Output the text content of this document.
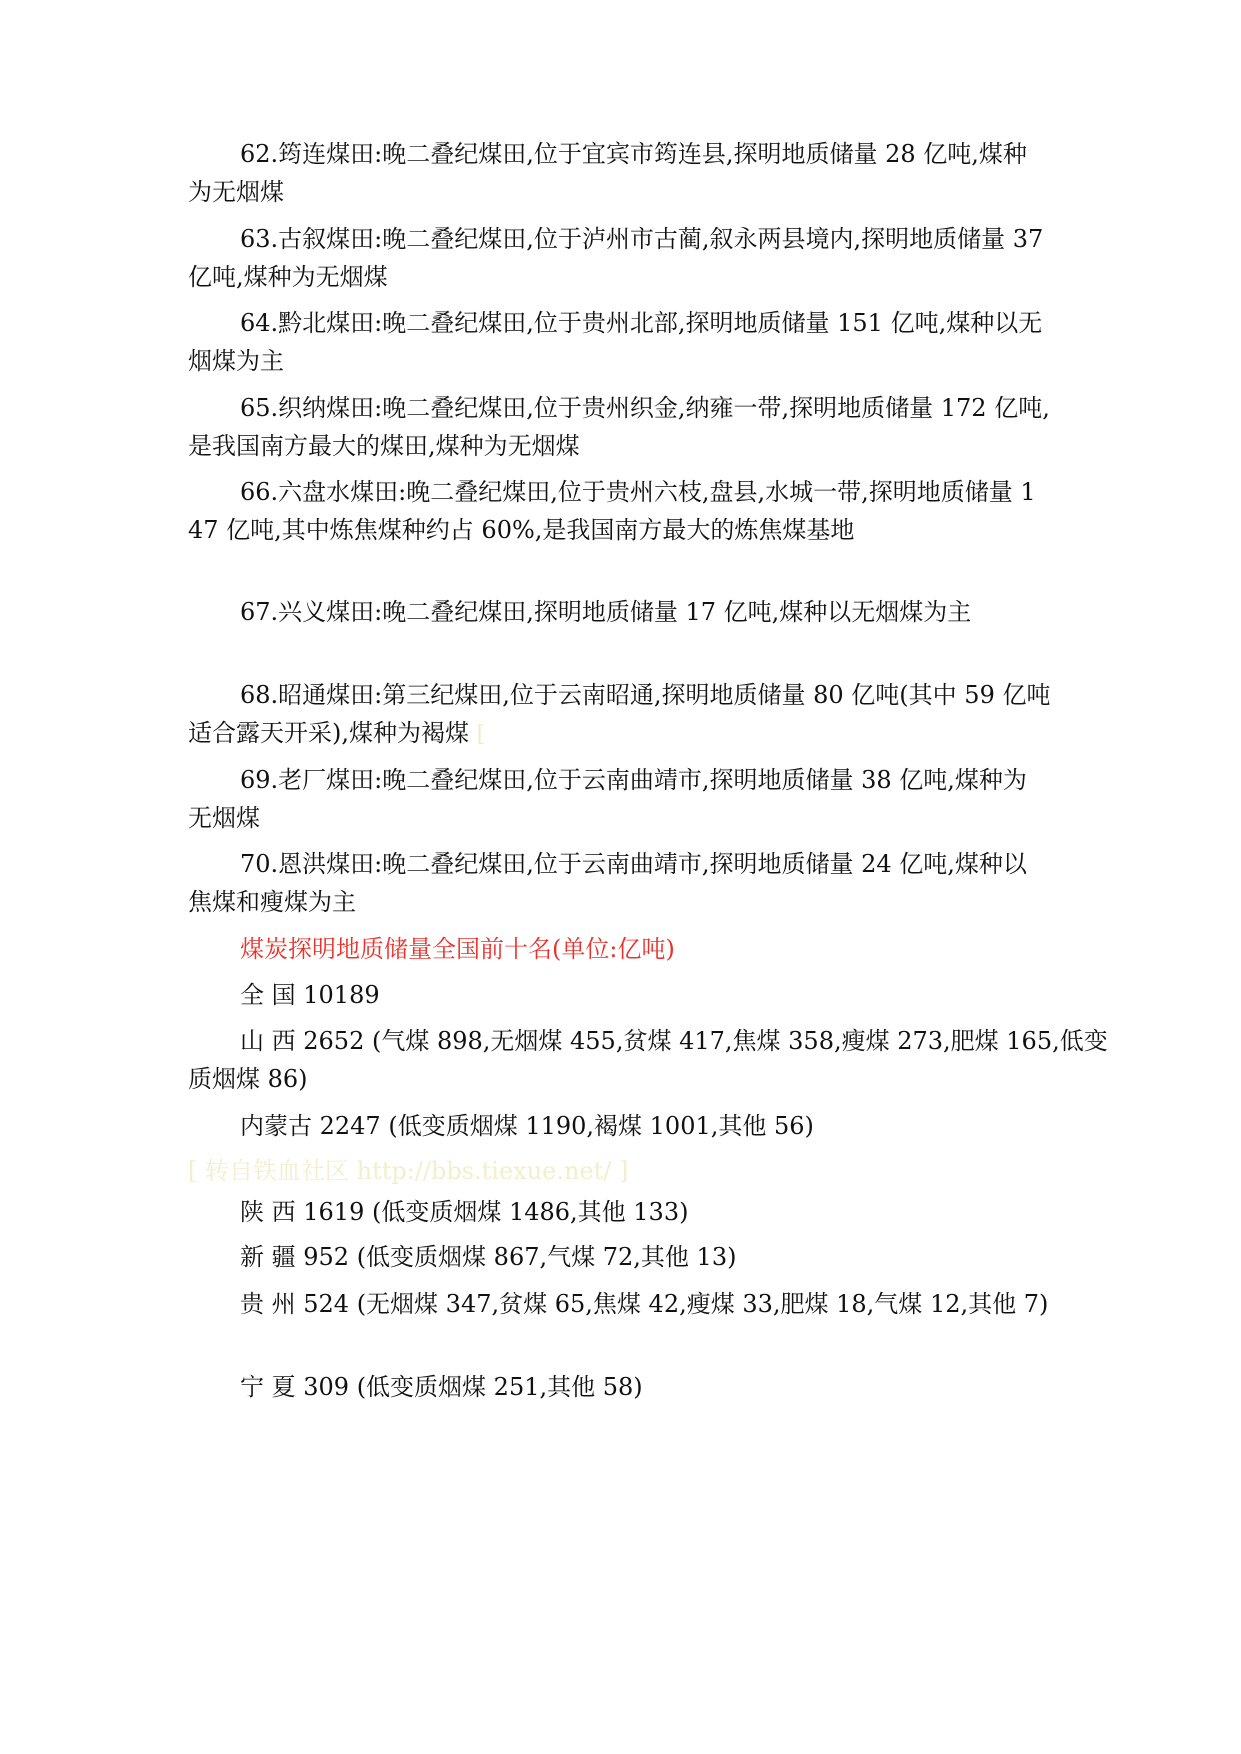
62.筠连煤田:晚二叠纪煤田,位于宜宾市筠连县,探明地质储量 28 亿吨,煤种
为无烟煤
63.古叙煤田:晚二叠纪煤田,位于泸州市古蔺,叙永两县境内,探明地质储量 37
亿吨,煤种为无烟煤
64.黔北煤田:晚二叠纪煤田,位于贵州北部,探明地质储量 151 亿吨,煤种以无
烟煤为主
65.织纳煤田:晚二叠纪煤田,位于贵州织金,纳雍一带,探明地质储量 172 亿吨,
是我国南方最大的煤田,煤种为无烟煤
66.六盘水煤田:晚二叠纪煤田,位于贵州六枝,盘县,水城一带,探明地质储量 1
47 亿吨,其中炼焦煤种约占 60%,是我国南方最大的炼焦煤基地
67.兴义煤田:晚二叠纪煤田,探明地质储量 17 亿吨,煤种以无烟煤为主
68.昭通煤田:第三纪煤田,位于云南昭通,探明地质储量 80 亿吨(其中 59 亿吨
适合露天开采),煤种为褐煤 [
69.老厂煤田:晚二叠纪煤田,位于云南曲靖市,探明地质储量 38 亿吨,煤种为
无烟煤
70.恩洪煤田:晚二叠纪煤田,位于云南曲靖市,探明地质储量 24 亿吨,煤种以
焦煤和瘦煤为主
煤炭探明地质储量全国前十名(单位:亿吨)
全 国 10189
山 西 2652 (气煤 898,无烟煤 455,贫煤 417,焦煤 358,瘦煤 273,肥煤 165,低变
质烟煤 86)
内蒙古 2247 (低变质烟煤 1190,褐煤 1001,其他 56)
[ 转自铁血社区 http://bbs.tiexue.net/ ]
陕 西 1619 (低变质烟煤 1486,其他 133)
新 疆 952 (低变质烟煤 867,气煤 72,其他 13)
贵 州 524 (无烟煤 347,贫煤 65,焦煤 42,瘦煤 33,肥煤 18,气煤 12,其他 7)
宁 夏 309 (低变质烟煤 251,其他 58)
